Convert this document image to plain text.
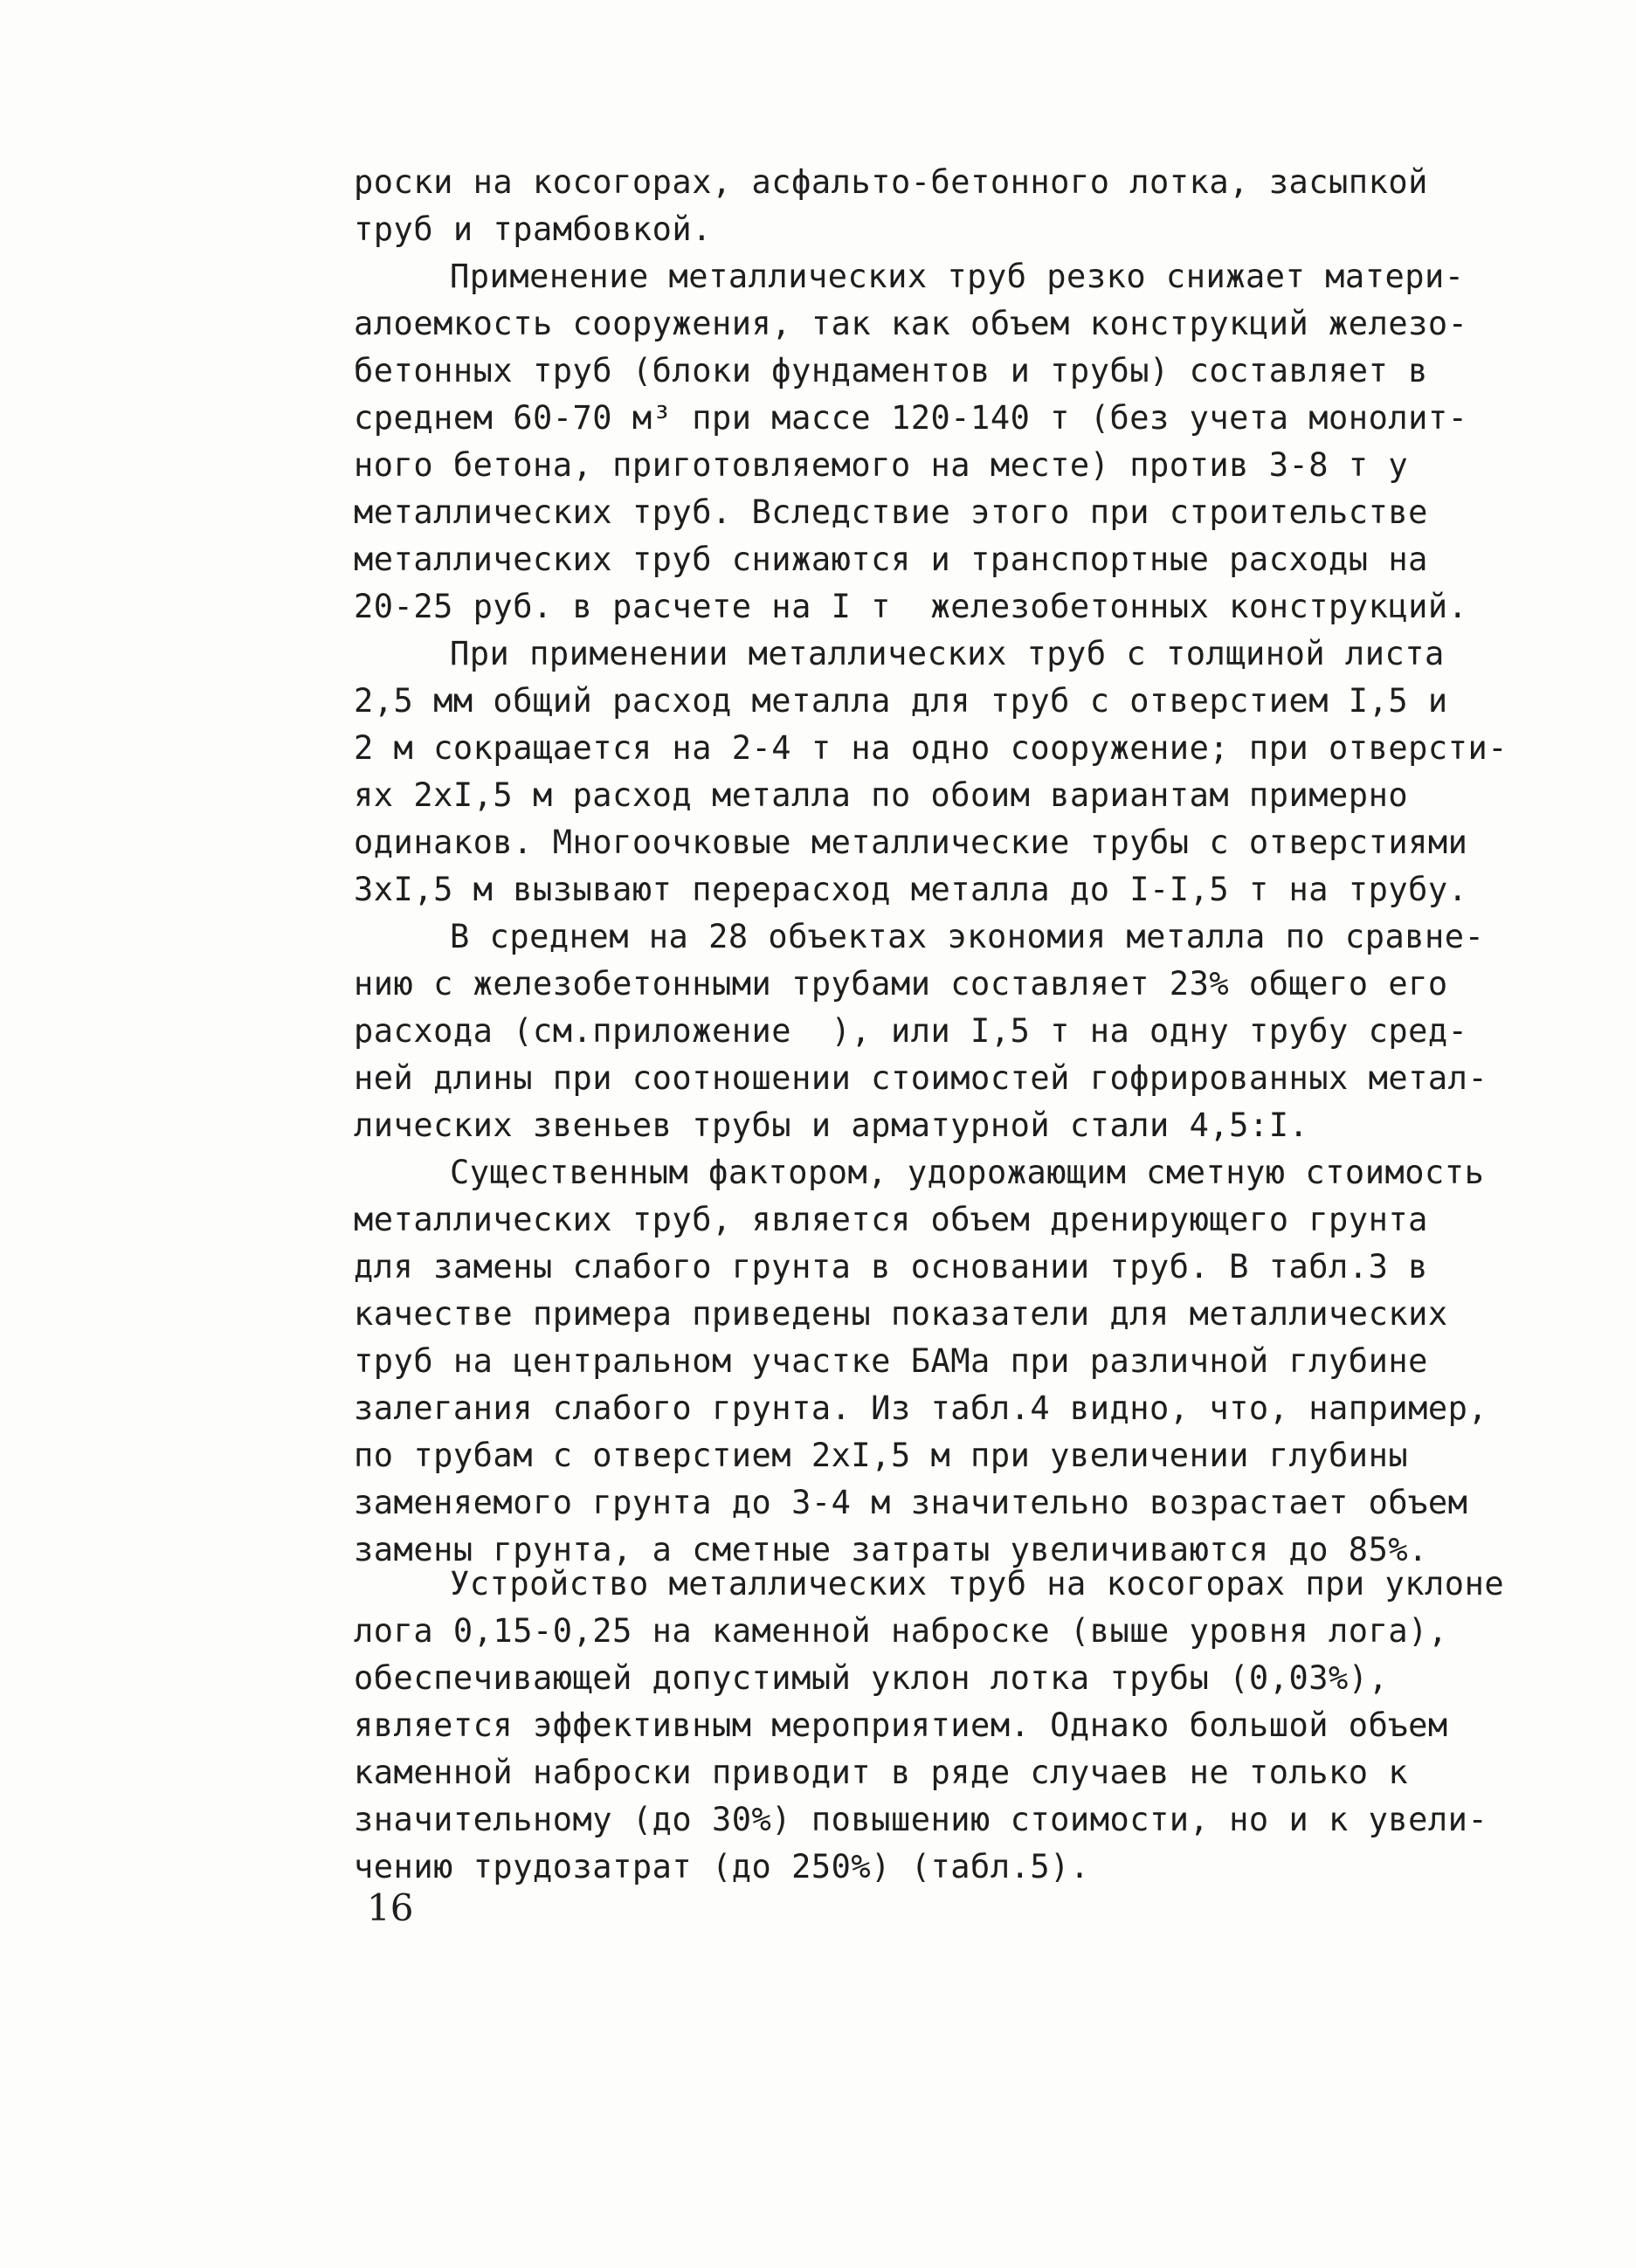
роски на косогорах, асфальто-бетонного лотка, засыпкой
труб и трамбовкой.
Применение металлических труб резко снижает матери-
алоемкость сооружения, так как объем конструкций железо-
бетонных труб (блоки фундаментов и трубы) составляет в
среднем 60-70 м³ при массе 120-140 т (без учета монолит-
ного бетона, приготовляемого на месте) против 3-8 т у
металлических труб. Вследствие этого при строительстве
металлических труб снижаются и транспортные расходы на
20-25 руб. в расчете на I т  железобетонных конструкций.
При применении металлических труб с толщиной листа
2,5 мм общий расход металла для труб с отверстием I,5 и
2 м сокращается на 2-4 т на одно сооружение; при отверсти-
ях 2хI,5 м расход металла по обоим вариантам примерно
одинаков. Многоочковые металлические трубы с отверстиями
3хI,5 м вызывают перерасход металла до I-I,5 т на трубу.
В среднем на 28 объектах экономия металла по сравне-
нию с железобетонными трубами составляет 23% общего его
расхода (см.приложение  ), или I,5 т на одну трубу сред-
ней длины при соотношении стоимостей гофрированных метал-
лических звеньев трубы и арматурной стали 4,5:I.
Существенным фактором, удорожающим сметную стоимость
металлических труб, является объем дренирующего грунта
для замены слабого грунта в основании труб. В табл.3 в
качестве примера приведены показатели для металлических
труб на центральном участке БАМа при различной глубине
залегания слабого грунта. Из табл.4 видно, что, например,
по трубам с отверстием 2хI,5 м при увеличении глубины
заменяемого грунта до 3-4 м значительно возрастает объем
замены грунта, а сметные затраты увеличиваются до 85%.
Устройство металлических труб на косогорах при уклоне
лога 0,15-0,25 на каменной наброске (выше уровня лога),
обеспечивающей допустимый уклон лотка трубы (0,03%),
является эффективным мероприятием. Однако большой объем
каменной наброски приводит в ряде случаев не только к
значительному (до 30%) повышению стоимости, но и к увели-
чению трудозатрат (до 250%) (табл.5).
16
